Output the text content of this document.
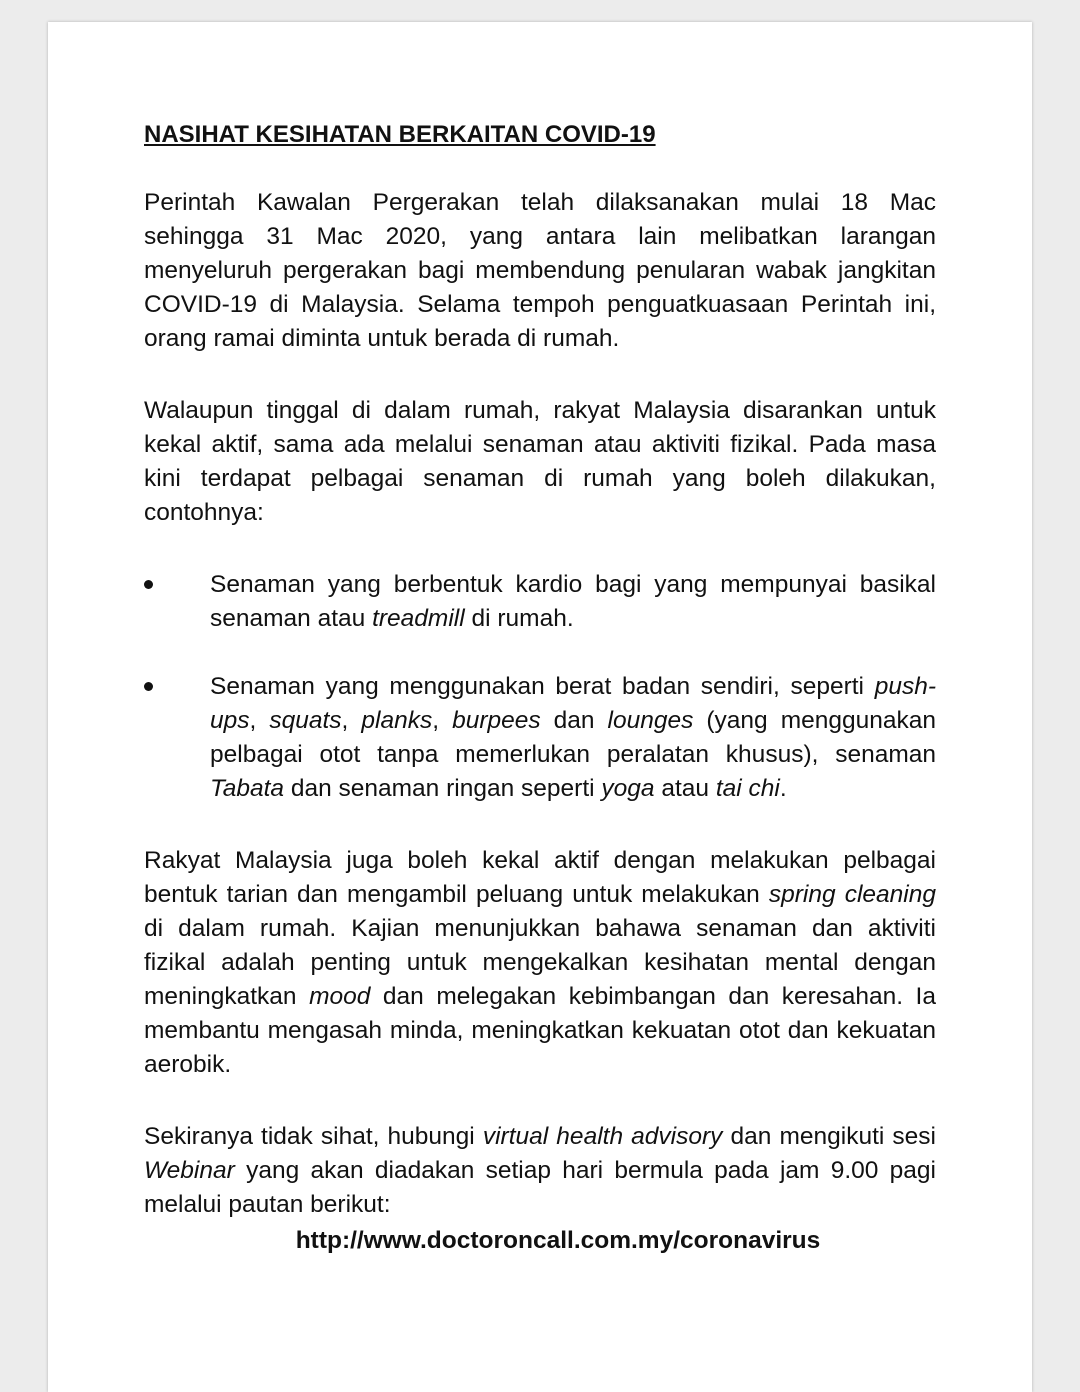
NASIHAT KESIHATAN BERKAITAN COVID-19
Perintah Kawalan Pergerakan telah dilaksanakan mulai 18 Mac sehingga 31 Mac 2020, yang antara lain melibatkan larangan menyeluruh pergerakan bagi membendung penularan wabak jangkitan COVID-19 di Malaysia. Selama tempoh penguatkuasaan Perintah ini, orang ramai diminta untuk berada di rumah.
Walaupun tinggal di dalam rumah, rakyat Malaysia disarankan untuk kekal aktif, sama ada melalui senaman atau aktiviti fizikal. Pada masa kini terdapat pelbagai senaman di rumah yang boleh dilakukan, contohnya:
Senaman yang berbentuk kardio bagi yang mempunyai basikal senaman atau treadmill di rumah.
Senaman yang menggunakan berat badan sendiri, seperti push-ups, squats, planks, burpees dan lounges (yang menggunakan pelbagai otot tanpa memerlukan peralatan khusus), senaman Tabata dan senaman ringan seperti yoga atau tai chi.
Rakyat Malaysia juga boleh kekal aktif dengan melakukan pelbagai bentuk tarian dan mengambil peluang untuk melakukan spring cleaning di dalam rumah. Kajian menunjukkan bahawa senaman dan aktiviti fizikal adalah penting untuk mengekalkan kesihatan mental dengan meningkatkan mood dan melegakan kebimbangan dan keresahan. Ia membantu mengasah minda, meningkatkan kekuatan otot dan kekuatan aerobik.
Sekiranya tidak sihat, hubungi virtual health advisory dan mengikuti sesi Webinar yang akan diadakan setiap hari bermula pada jam 9.00 pagi melalui pautan berikut:
http://www.doctoroncall.com.my/coronavirus
